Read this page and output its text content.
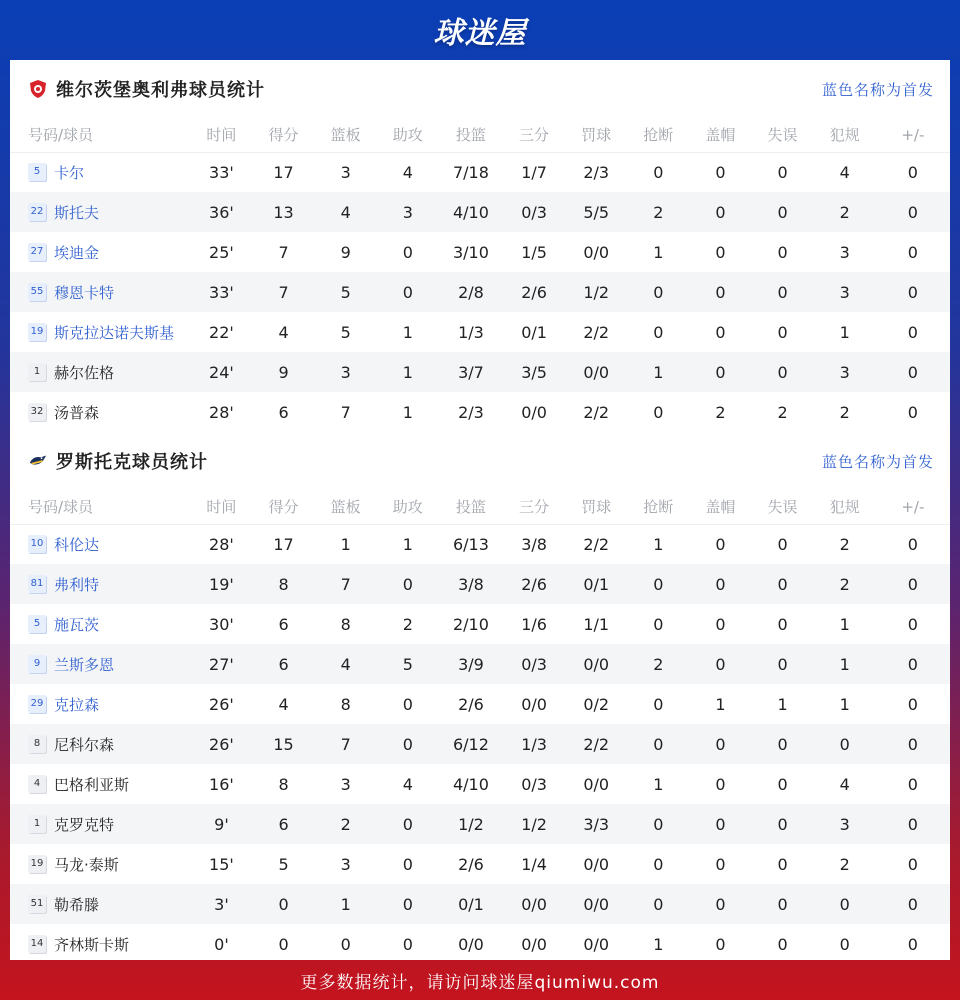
球迷屋
维尔茨堡奥利弗球员统计	蓝色名称为首发
号码/球员	时间	得分	篮板	助攻	投篮	三分	罚球	抢断	盖帽	失误	犯规	+/-

5 卡尔	33'	17	3	4	7/18	1/7	2/3	0	0	0	4	0

22 斯托夫	36'	13	4	3	4/10	0/3	5/5	2	0	0	2	0

27 埃迪金	25'	7	9	0	3/10	1/5	0/0	1	0	0	3	0

55 穆恩卡特	33'	7	5	0	2/8	2/6	1/2	0	0	0	3	0

19 斯克拉达诺夫斯基	22'	4	5	1	1/3	0/1	2/2	0	0	0	1	0

1 赫尔佐格	24'	9	3	1	3/7	3/5	0/0	1	0	0	3	0

32 汤普森	28'	6	7	1	2/3	0/0	2/2	0	2	2	2	0
罗斯托克球员统计	蓝色名称为首发
号码/球员	时间	得分	篮板	助攻	投篮	三分	罚球	抢断	盖帽	失误	犯规	+/-

10 科伦达	28'	17	1	1	6/13	3/8	2/2	1	0	0	2	0

81 弗利特	19'	8	7	0	3/8	2/6	0/1	0	0	0	2	0

5 施瓦茨	30'	6	8	2	2/10	1/6	1/1	0	0	0	1	0

9 兰斯多恩	27'	6	4	5	3/9	0/3	0/0	2	0	0	1	0

29 克拉森	26'	4	8	0	2/6	0/0	0/2	0	1	1	1	0

8 尼科尔森	26'	15	7	0	6/12	1/3	2/2	0	0	0	0	0

4 巴格利亚斯	16'	8	3	4	4/10	0/3	0/0	1	0	0	4	0

1 克罗克特	9'	6	2	0	1/2	1/2	3/3	0	0	0	3	0

19 马龙·泰斯	15'	5	3	0	2/6	1/4	0/0	0	0	0	2	0

51 勒希滕	3'	0	1	0	0/1	0/0	0/0	0	0	0	0	0

14 齐林斯卡斯	0'	0	0	0	0/0	0/0	0/0	1	0	0	0	0
更多数据统计，请访问球迷屋qiumiwu.com
